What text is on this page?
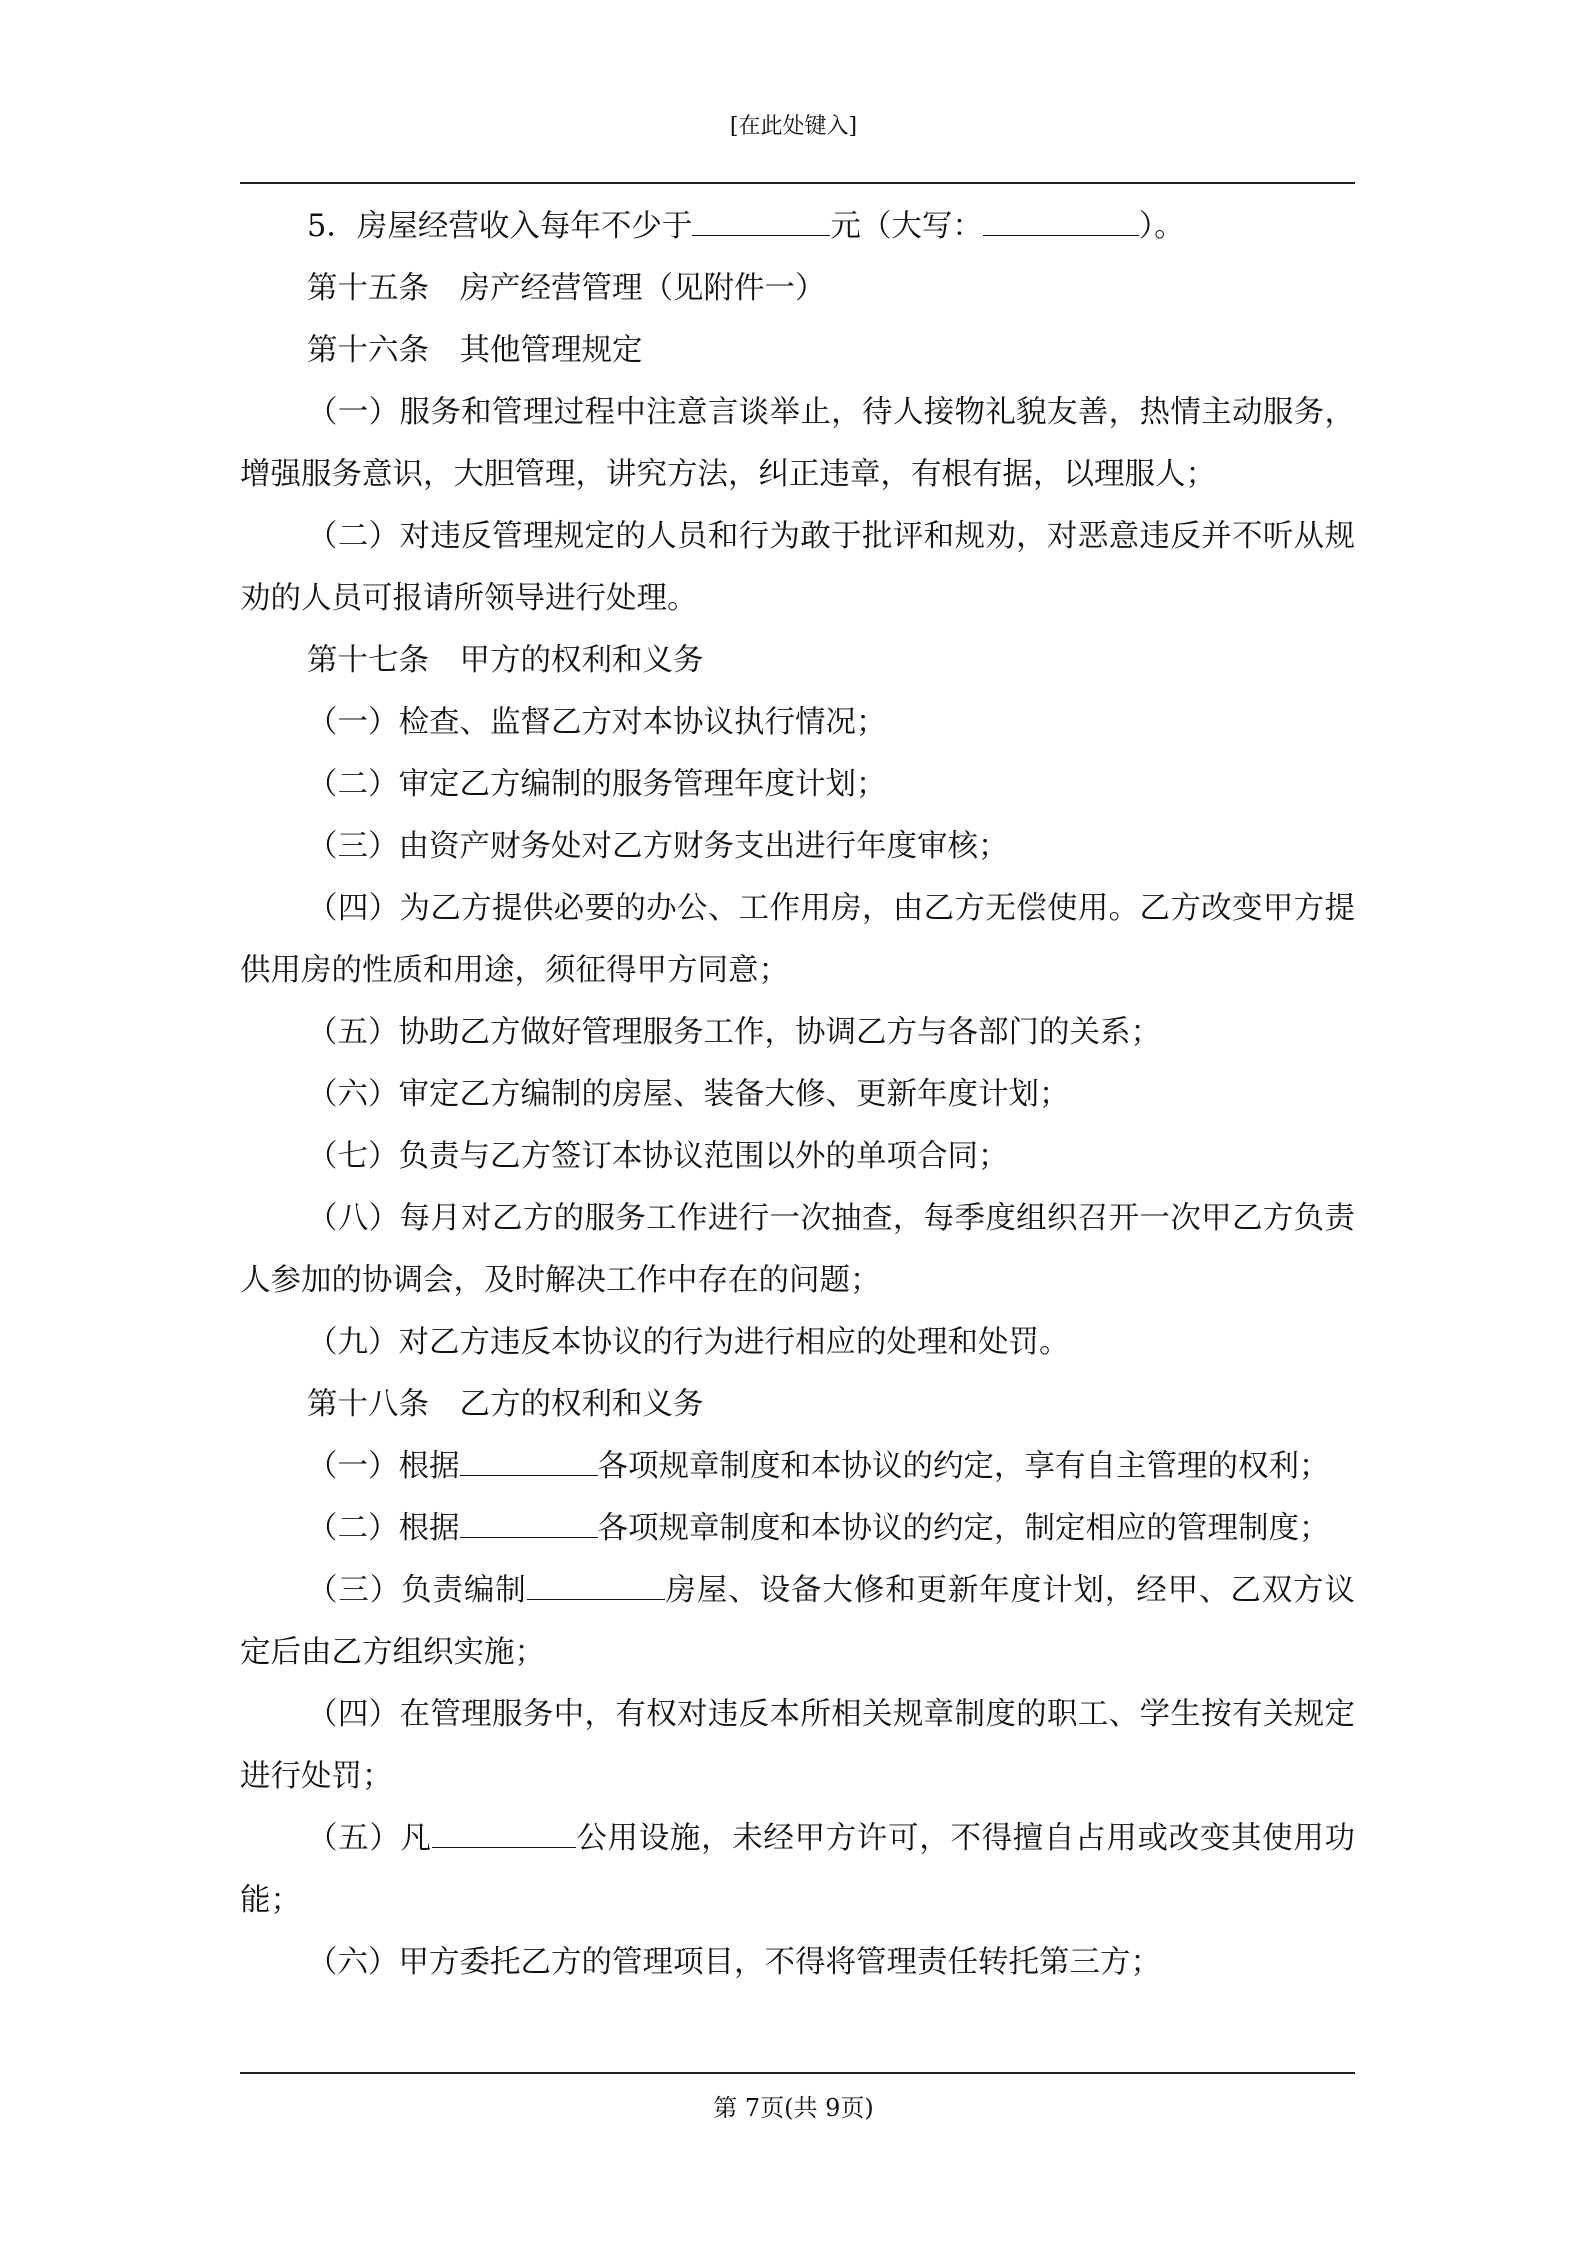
[在此处键入]

5．房屋经营收入每年不少于	元（大写：	）。

第十五条　房产经营管理（见附件一）

第十六条　其他管理规定

（一）服务和管理过程中注意言谈举止，待人接物礼貌友善，热情主动服务，增强服务意识，大胆管理，讲究方法，纠正违章，有根有据，以理服人；

（二）对违反管理规定的人员和行为敢于批评和规劝，对恶意违反并不听从规劝的人员可报请所领导进行处理。

第十七条　甲方的权利和义务

（一）检查、监督乙方对本协议执行情况；

（二）审定乙方编制的服务管理年度计划；

（三）由资产财务处对乙方财务支出进行年度审核；

（四）为乙方提供必要的办公、工作用房，由乙方无偿使用。乙方改变甲方提供用房的性质和用途，须征得甲方同意；

（五）协助乙方做好管理服务工作，协调乙方与各部门的关系；

（六）审定乙方编制的房屋、装备大修、更新年度计划；

（七）负责与乙方签订本协议范围以外的单项合同；

（八）每月对乙方的服务工作进行一次抽查，每季度组织召开一次甲乙方负责人参加的协调会，及时解决工作中存在的问题；

（九）对乙方违反本协议的行为进行相应的处理和处罚。

第十八条　乙方的权利和义务

（一）根据	各项规章制度和本协议的约定，享有自主管理的权利；

（二）根据	各项规章制度和本协议的约定，制定相应的管理制度；

（三）负责编制	房屋、设备大修和更新年度计划，经甲、乙双方议定后由乙方组织实施；

（四）在管理服务中，有权对违反本所相关规章制度的职工、学生按有关规定进行处罚；

（五）凡	公用设施，未经甲方许可，不得擅自占用或改变其使用功能；

（六）甲方委托乙方的管理项目，不得将管理责任转托第三方；

第 7页(共 9页)
